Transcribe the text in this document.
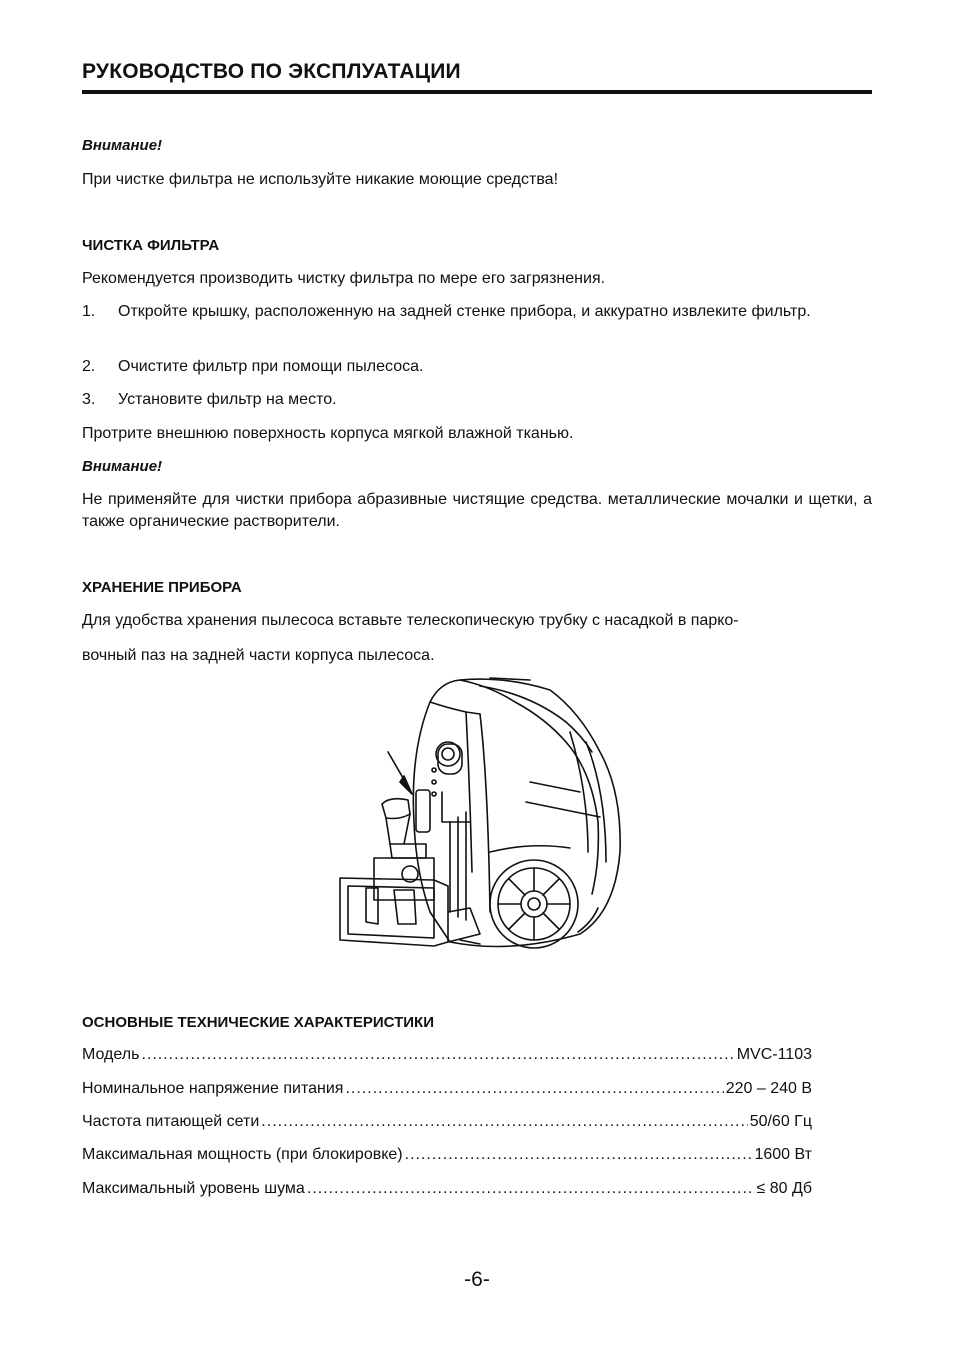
РУКОВОДСТВО ПО ЭКСПЛУАТАЦИИ
Внимание!
При чистке фильтра не используйте никакие моющие средства!
ЧИСТКА ФИЛЬТРА
Рекомендуется производить чистку фильтра по мере его загрязнения.
1. Откройте крышку, расположенную на задней стенке прибора, и аккуратно извлеките фильтр.
2. Очистите фильтр при помощи пылесоса.
3. Установите фильтр на место.
Протрите внешнюю поверхность корпуса мягкой влажной тканью.
Внимание!
Не применяйте для чистки прибора абразивные чистящие средства. металлические мочалки и щетки, а также органические растворители.
ХРАНЕНИЕ ПРИБОРА
Для удобства хранения пылесоса вставьте телескопическую трубку с насадкой в парко-
вочный паз на задней части корпуса пылесоса.
ОСНОВНЫЕ ТЕХНИЧЕСКИЕ ХАРАКТЕРИСТИКИ
Модель .....	MVC-1103
Номинальное напряжение питания .....	220 – 240 В
Частота питающей сети .....	50/60 Гц
Максимальная мощность (при блокировке) .....	1600 Вт
Максимальный уровень шума .....	≤ 80 Дб
-6-
